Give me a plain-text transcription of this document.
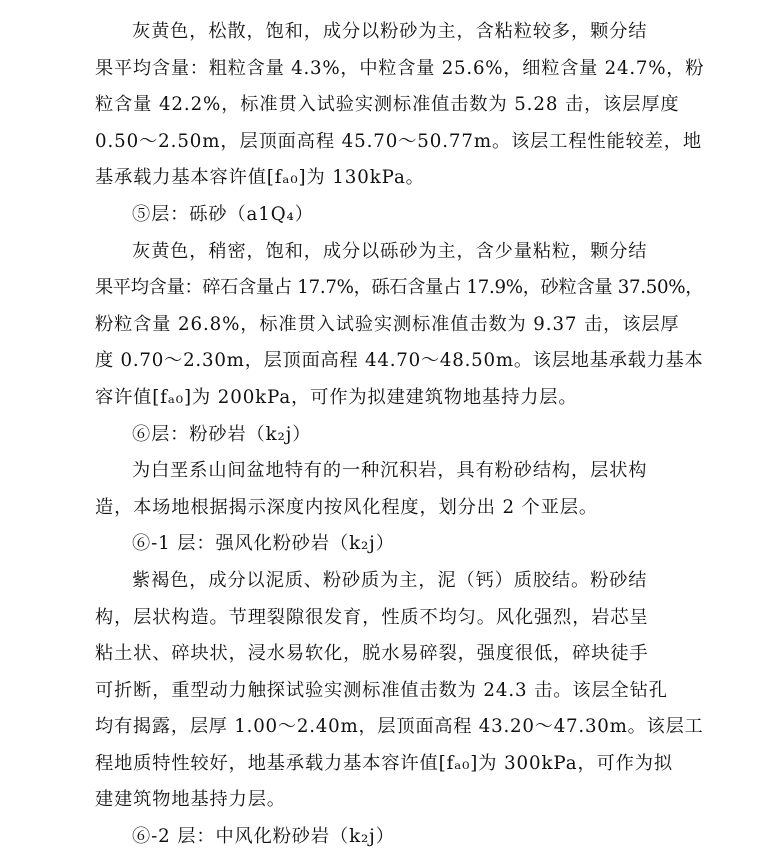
灰黄色，松散，饱和，成分以粉砂为主，含粘粒较多，颗分结
果平均含量：粗粒含量 4.3%，中粒含量 25.6%，细粒含量 24.7%，粉
粒含量 42.2%，标准贯入试验实测标准值击数为 5.28 击，该层厚度
0.50～2.50m，层顶面高程 45.70～50.77m。该层工程性能较差，地
基承载力基本容许值[fₐ₀]为 130kPa。
⑤层：砾砂（a1Q₄）
灰黄色，稍密，饱和，成分以砾砂为主，含少量粘粒，颗分结
果平均含量：碎石含量占 17.7%，砾石含量占 17.9%，砂粒含量 37.50%，
粉粒含量 26.8%，标准贯入试验实测标准值击数为 9.37 击，该层厚
度 0.70～2.30m，层顶面高程 44.70～48.50m。该层地基承载力基本
容许值[fₐ₀]为 200kPa，可作为拟建建筑物地基持力层。
⑥层：粉砂岩（k₂j）
为白垩系山间盆地特有的一种沉积岩，具有粉砂结构，层状构
造，本场地根据揭示深度内按风化程度，划分出 2 个亚层。
⑥-1 层：强风化粉砂岩（k₂j）
紫褐色，成分以泥质、粉砂质为主，泥（钙）质胶结。粉砂结
构，层状构造。节理裂隙很发育，性质不均匀。风化强烈，岩芯呈
粘土状、碎块状，浸水易软化，脱水易碎裂，强度很低，碎块徒手
可折断，重型动力触探试验实测标准值击数为 24.3 击。该层全钻孔
均有揭露，层厚 1.00～2.40m，层顶面高程 43.20～47.30m。该层工
程地质特性较好，地基承载力基本容许值[fₐ₀]为 300kPa，可作为拟
建建筑物地基持力层。
⑥-2 层：中风化粉砂岩（k₂j）
